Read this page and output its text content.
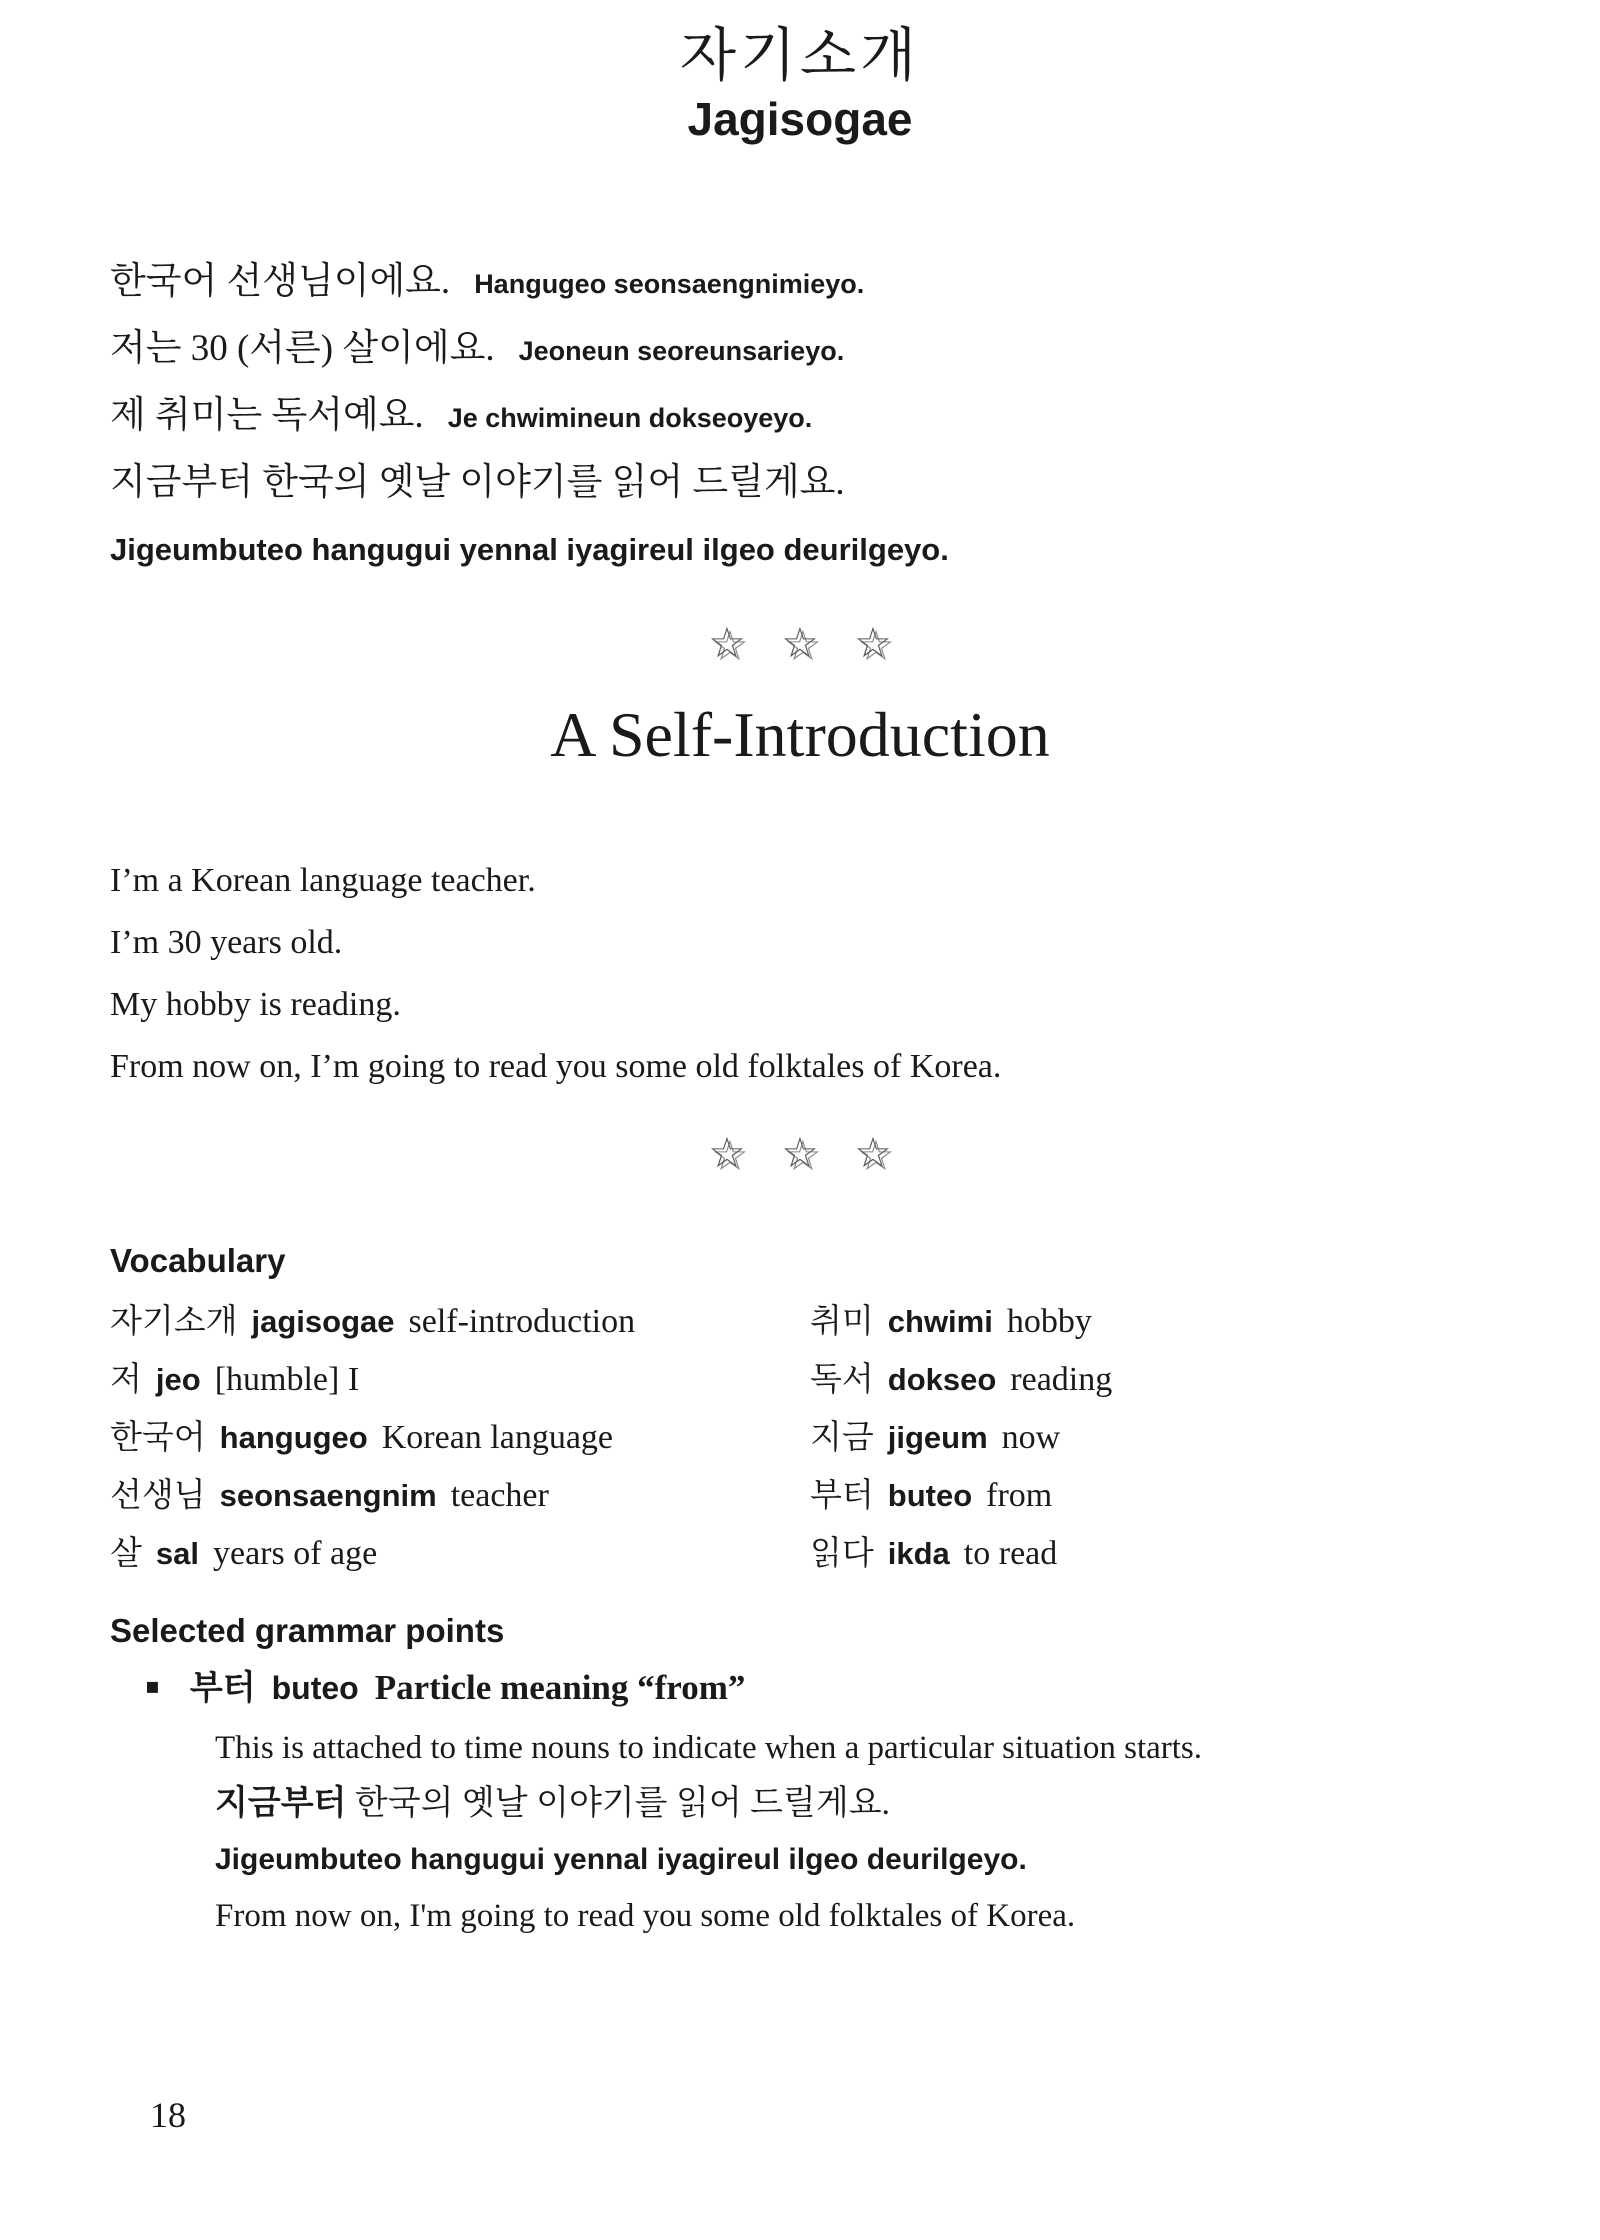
자기소개
Jagisogae
한국어 선생님이에요. Hangugeo seonsaengnimieyo.
저는 30 (서른) 살이에요. Jeoneun seoreunsarieyo.
제 취미는 독서예요. Je chwimineun dokseoyeyo.
지금부터 한국의 옛날 이야기를 읽어 드릴게요.
Jigeumbuteo hangugui yennal iyagireul ilgeo deurilgeyo.
☆ ☆ ☆
A Self-Introduction
I’m a Korean language teacher.
I’m 30 years old.
My hobby is reading.
From now on, I’m going to read you some old folktales of Korea.
☆ ☆ ☆
Vocabulary
자기소개 jagisogae self-introduction
저 jeo [humble] I
한국어 hangugeo Korean language
선생님 seonsaengnim teacher
살 sal years of age
취미 chwimi hobby
독서 dokseo reading
지금 jigeum now
부터 buteo from
읽다 ikda to read
Selected grammar points
▪ 부터 buteo Particle meaning “from”
This is attached to time nouns to indicate when a particular situation starts.
지금부터 한국의 옛날 이야기를 읽어 드릴게요.
Jigeumbuteo hangugui yennal iyagireul ilgeo deurilgeyo.
From now on, I'm going to read you some old folktales of Korea.
18
